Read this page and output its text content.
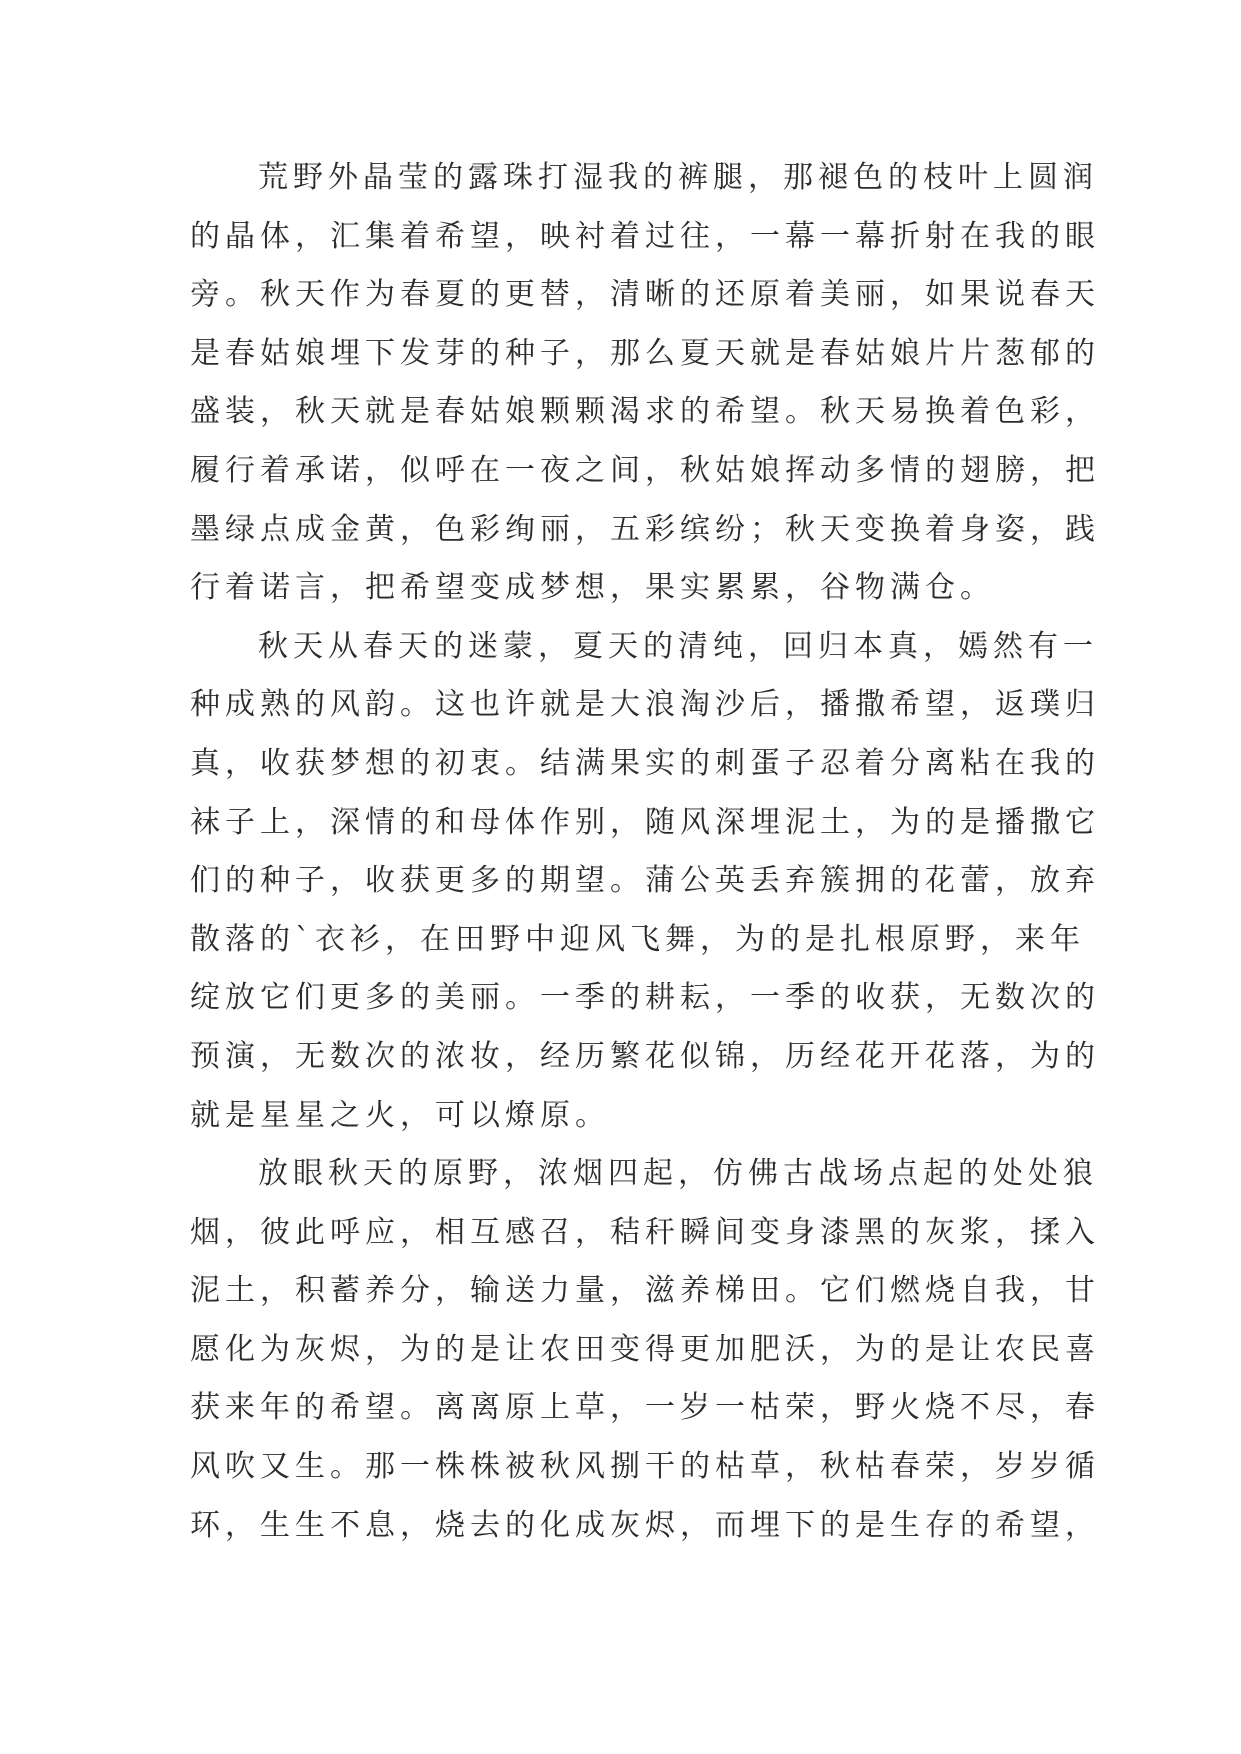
荒野外晶莹的露珠打湿我的裤腿，那褪色的枝叶上圆润
的晶体，汇集着希望，映衬着过往，一幕一幕折射在我的眼
旁。秋天作为春夏的更替，清晰的还原着美丽，如果说春天
是春姑娘埋下发芽的种子，那么夏天就是春姑娘片片葱郁的
盛装，秋天就是春姑娘颗颗渴求的希望。秋天易换着色彩，
履行着承诺，似呼在一夜之间，秋姑娘挥动多情的翅膀，把
墨绿点成金黄，色彩绚丽，五彩缤纷；秋天变换着身姿，践
行着诺言，把希望变成梦想，果实累累，谷物满仓。
秋天从春天的迷蒙，夏天的清纯，回归本真，嫣然有一
种成熟的风韵。这也许就是大浪淘沙后，播撒希望，返璞归
真，收获梦想的初衷。结满果实的刺蛋子忍着分离粘在我的
袜子上，深情的和母体作别，随风深埋泥土，为的是播撒它
们的种子，收获更多的期望。蒲公英丢弃簇拥的花蕾，放弃
散落的`衣衫，在田野中迎风飞舞，为的是扎根原野，来年
绽放它们更多的美丽。一季的耕耘，一季的收获，无数次的
预演，无数次的浓妆，经历繁花似锦，历经花开花落，为的
就是星星之火，可以燎原。
放眼秋天的原野，浓烟四起，仿佛古战场点起的处处狼
烟，彼此呼应，相互感召，秸秆瞬间变身漆黑的灰浆，揉入
泥土，积蓄养分，输送力量，滋养梯田。它们燃烧自我，甘
愿化为灰烬，为的是让农田变得更加肥沃，为的是让农民喜
获来年的希望。离离原上草，一岁一枯荣，野火烧不尽，春
风吹又生。那一株株被秋风捌干的枯草，秋枯春荣，岁岁循
环，生生不息，烧去的化成灰烬，而埋下的是生存的希望，
